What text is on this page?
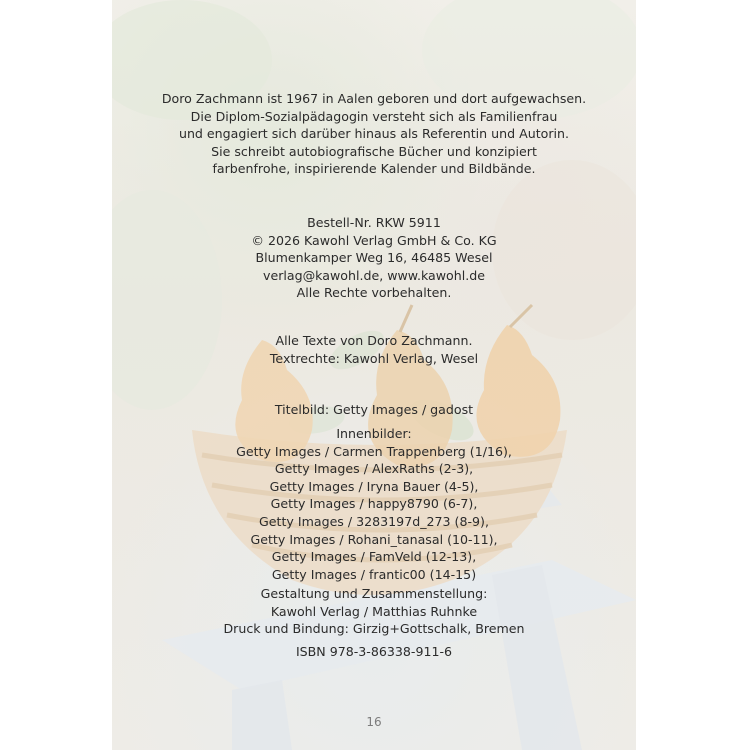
Doro Zachmann ist 1967 in Aalen geboren und dort aufgewachsen.
Die Diplom-Sozialpädagogin versteht sich als Familienfrau
und engagiert sich darüber hinaus als Referentin und Autorin.
Sie schreibt autobiografische Bücher und konzipiert
farbenfrohe, inspirierende Kalender und Bildbände.
Bestell-Nr. RKW 5911
© 2026 Kawohl Verlag GmbH & Co. KG
Blumenkamper Weg 16, 46485 Wesel
verlag@kawohl.de, www.kawohl.de
Alle Rechte vorbehalten.
Alle Texte von Doro Zachmann.
Textrechte: Kawohl Verlag, Wesel
Titelbild: Getty Images / gadost
Innenbilder:
Getty Images / Carmen Trappenberg (1/16),
Getty Images / AlexRaths (2-3),
Getty Images / Iryna Bauer (4-5),
Getty Images / happy8790 (6-7),
Getty Images / 3283197d_273 (8-9),
Getty Images / Rohani_tanasal (10-11),
Getty Images / FamVeld (12-13),
Getty Images / frantic00 (14-15)
Gestaltung und Zusammenstellung:
Kawohl Verlag / Matthias Ruhnke
Druck und Bindung: Girzig+Gottschalk, Bremen
ISBN 978-3-86338-911-6
16
